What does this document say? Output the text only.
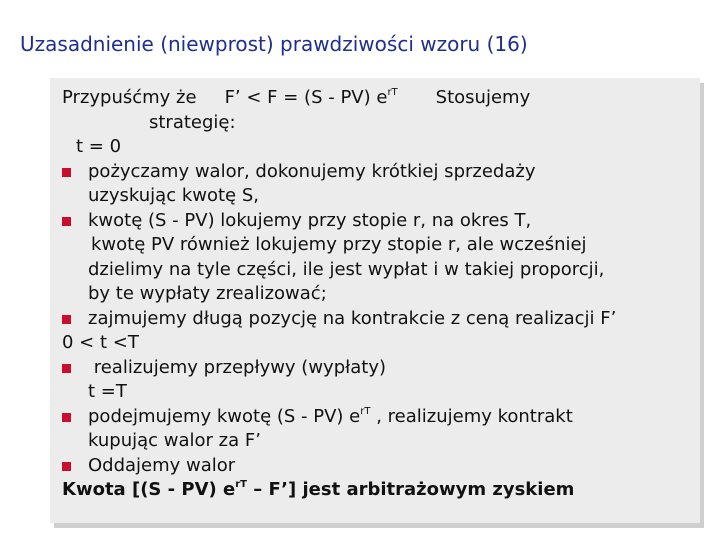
Uzasadnienie (niewprost) prawdziwości wzoru (16)
Przypuśćmy że F’ < F = (S - PV) $e^{rT}$ Stosujemy
strategię:
t = 0
pożyczamy walor, dokonujemy krótkiej sprzedaży
uzyskując kwotę S,
kwotę (S - PV) lokujemy przy stopie r, na okres T,
kwotę PV również lokujemy przy stopie r, ale wcześniej
dzielimy na tyle części, ile jest wypłat i w takiej proporcji,
by te wypłaty zrealizować;
zajmujemy długą pozycję na kontrakcie z ceną realizacji F’
0 < t <T
realizujemy przepływy (wypłaty)
t =T
podejmujemy kwotę (S - PV) $e^{rT}$ , realizujemy kontrakt
kupując walor za F’
Oddajemy walor
Kwota [(S - PV) $e^{rT}$ – F’] jest arbitrażowym zyskiem
